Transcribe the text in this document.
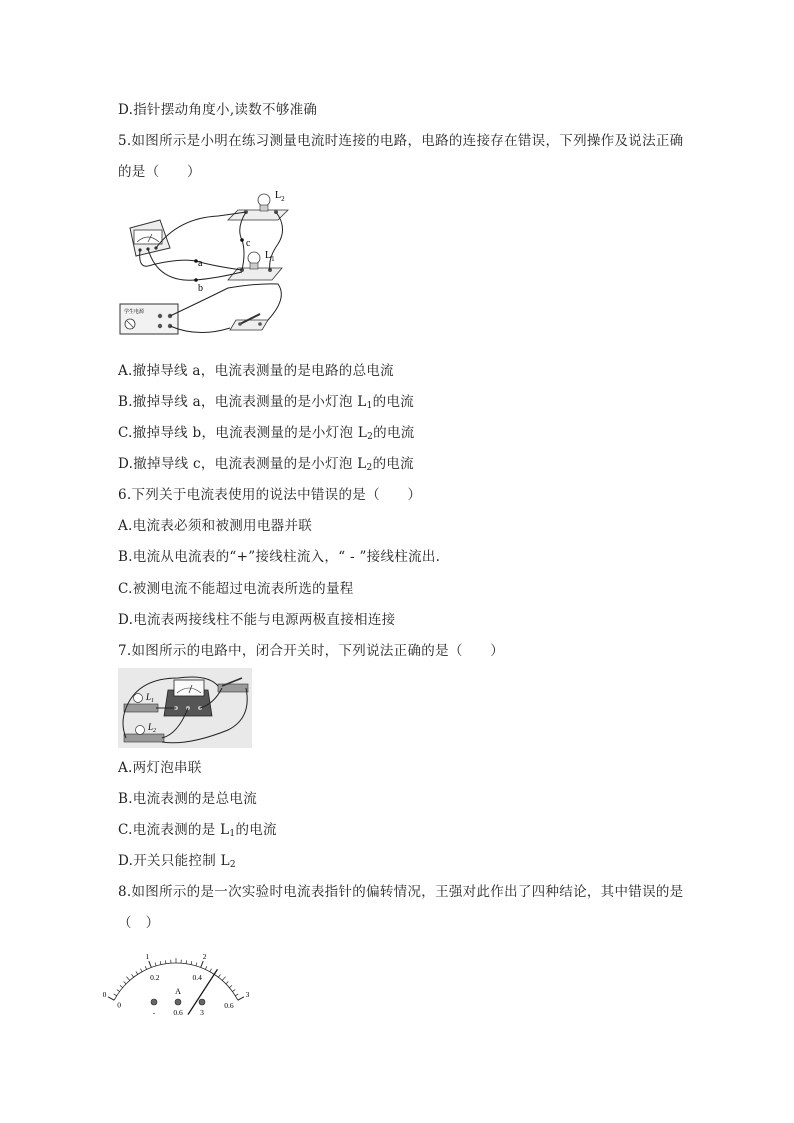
D.指针摆动角度小,读数不够准确
5.如图所示是小明在练习测量电流时连接的电路，电路的连接存在错误，下列操作及说法正确
的是（　　）
$L_2$
$L_1$
学生电源
a
b
c
A.撤掉导线 a，电流表测量的是电路的总电流
B.撤掉导线 a，电流表测量的是小灯泡 $L_1$的电流
C.撤掉导线 b，电流表测量的是小灯泡 $L_2$的电流
D.撤掉导线 c，电流表测量的是小灯泡 $L_2$的电流
6.下列关于电流表使用的说法中错误的是（　　）
A.电流表必须和被测用电器并联
B.电流从电流表的“+”接线柱流入，“ - ”接线柱流出.
C.被测电流不能超过电流表所选的量程
D.电流表两接线柱不能与电源两极直接相连接
7.如图所示的电路中，闭合开关时，下列说法正确的是（　　）
$L_1$
$L_2$
A.两灯泡串联
B.电流表测的是总电流
C.电流表测的是 $L_1$的电流
D.开关只能控制 $L_2$
8.如图所示的是一次实验时电流表指针的偏转情况，王强对此作出了四种结论，其中错误的是
（　）
0
1	2
3
0
0.2	0.4
0.6
A
- 0.6 3
